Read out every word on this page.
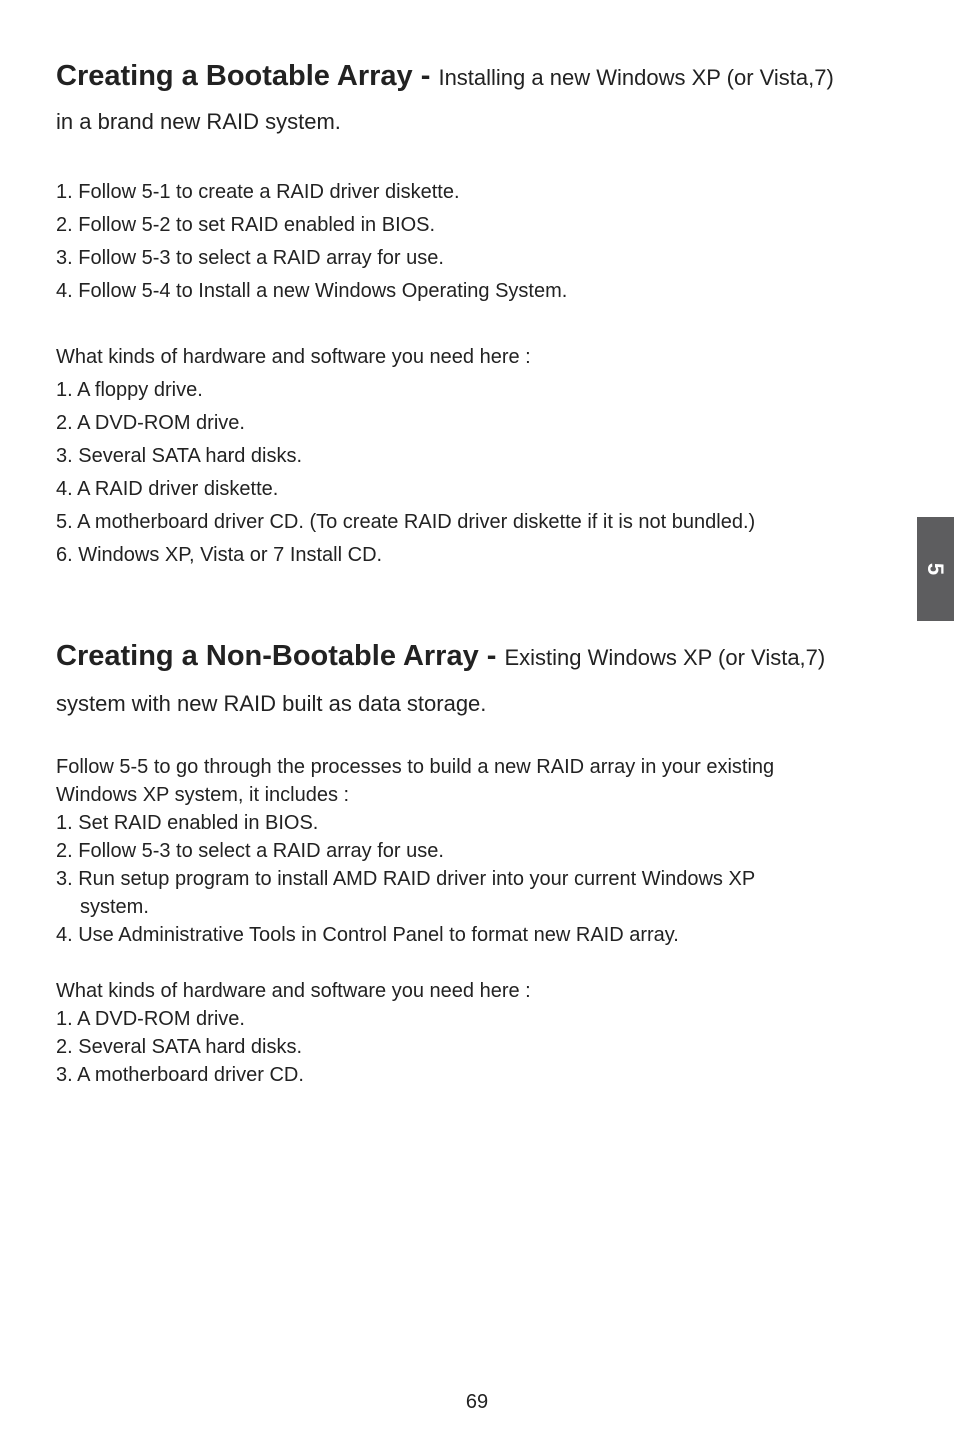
Creating a Bootable Array - Installing a new Windows XP (or Vista,7)

in a brand new RAID system.

1. Follow 5-1 to create a RAID driver diskette.
2. Follow 5-2 to set RAID enabled in BIOS.
3. Follow 5-3 to select a RAID array for use.
4. Follow 5-4 to Install a new Windows Operating System.

What kinds of hardware and software you need here :

1. A floppy drive.
2. A DVD-ROM drive.
3. Several SATA hard disks.
4. A RAID driver diskette.
5. A motherboard driver CD. (To create RAID driver diskette if it is not bundled.)
6. Windows XP, Vista or 7 Install CD.

Creating a Non-Bootable Array - Existing Windows XP (or Vista,7)

system with new RAID built as data storage.

Follow 5-5 to go through the processes to build a new RAID array in your existing

Windows XP system, it includes :

1. Set RAID enabled in BIOS.
2. Follow 5-3 to select a RAID array for use.
3. Run setup program to install AMD RAID driver into your current Windows XP
system.
4. Use Administrative Tools in Control Panel to format new RAID array.

What kinds of hardware and software you need here :

1. A DVD-ROM drive.
2. Several SATA hard disks.
3. A motherboard driver CD.
5
69
